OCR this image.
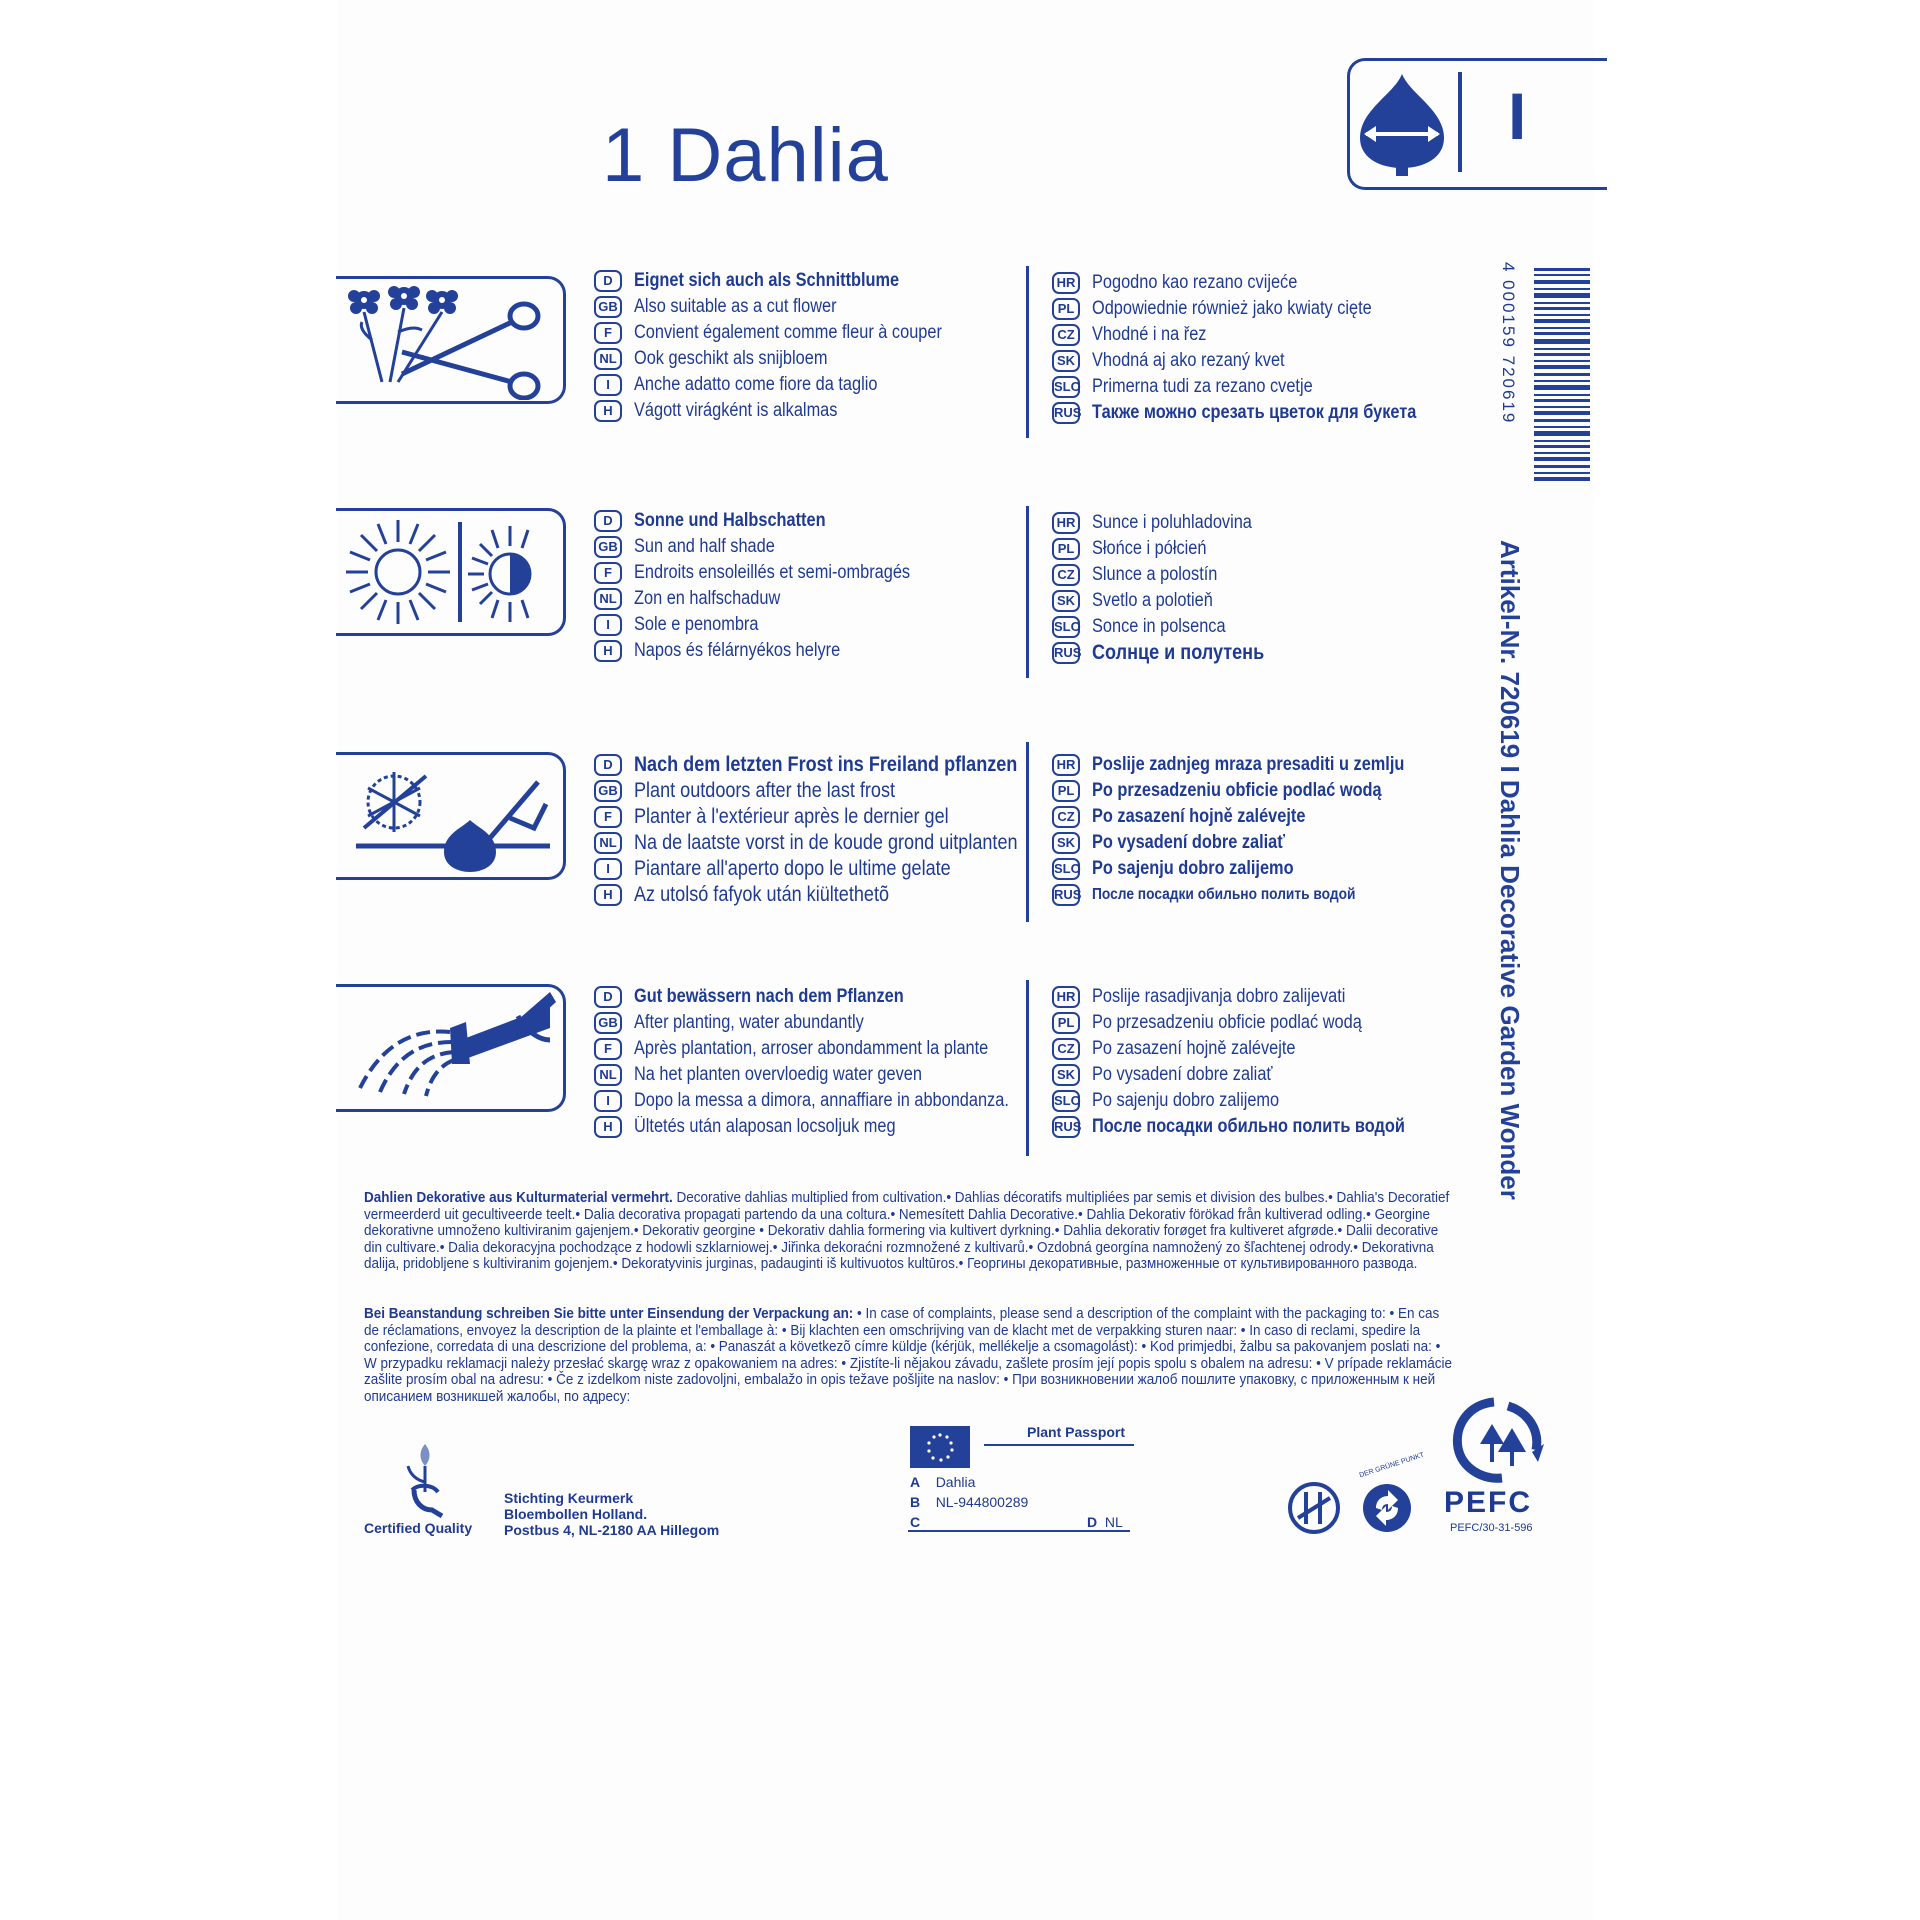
1 Dahlia	I
4 000159 720619
Artikel-Nr. 720619 I Dahlia Decorative Garden Wonder
D	Eignet sich auch als Schnittblume
GB Also suitable as a cut flower
F	Convient également comme fleur à couper
NL Ook geschikt als snijbloem
I	Anche adatto come fiore da taglio
H	Vágott virágként is alkalmas
HR Pogodno kao rezano cvijeće
PL Odpowiednie również jako kwiaty cięte
CZ Vhodné i na řez
SK Vhodná aj ako rezaný kvet
SLO Primerna tudi za rezano cvetje
RUS Также можно срезать цветок для букета
D	Sonne und Halbschatten
GB Sun and half shade
F	Endroits ensoleillés et semi-ombragés
NL Zon en halfschaduw
I	Sole e penombra
H	Napos és félárnyékos helyre
HR Sunce i poluhladovina
PL Słońce i półcień
CZ Slunce a polostín
SK Svetlo a polotieň
SLO Sonce in polsenca
RUS Солнце и полутень
D	Nach dem letzten Frost ins Freiland pflanzen
GB Plant outdoors after the last frost
F	Planter à l'extérieur après le dernier gel
NL Na de laatste vorst in de koude grond uitplanten
I	Piantare all'aperto dopo le ultime gelate
H	Az utolsó fafyok után kiültethetõ
HR Poslije zadnjeg mraza presaditi u zemlju
PL Po przesadzeniu obficie podlać wodą
CZ Po zasazení hojně zalévejte
SK Po vysadení dobre zaliať
SLO Po sajenju dobro zalijemo
RUS После посадки обильно полить водой
D	Gut bewässern nach dem Pflanzen
GB After planting, water abundantly
F	Après plantation, arroser abondamment la plante
NL Na het planten overvloedig water geven
I	Dopo la messa a dimora, annaffiare in abbondanza.
H	Ültetés után alaposan locsoljuk meg
HR Poslije rasadjivanja dobro zalijevati
PL Po przesadzeniu obficie podlać wodą
CZ Po zasazení hojně zalévejte
SK Po vysadení dobre zaliať
SLO Po sajenju dobro zalijemo
RUS После посадки обильно полить водой
Dahlien Dekorative aus Kulturmaterial vermehrt. Decorative dahlias multiplied from cultivation.• Dahlias décoratifs multipliées par semis et division des bulbes.• Dahlia's Decoratief vermeerderd uit gecultiveerde teelt.• Dalia decorativa propagati partendo da una coltura.• Nemesített Dahlia Decorative.• Dahlia Dekorativ förökad från kultiverad odling.• Georgine dekorativne umnoženo kultiviranim gajenjem.• Dekorativ georgine • Dekorativ dahlia formering via kultivert dyrkning.• Dahlia dekorativ forøget fra kultiveret afgrøde.• Dalii decorative din cultivare.• Dalia dekoracyjna pochodzące z hodowli szklarniowej.• Jiřinka dekoraćni rozmnožené z kultivarů.• Ozdobná georgína namnožený zo šľachtenej odrody.• Dekorativna dalija, pridobljene s kultiviranim gojenjem.• Dekoratyvinis jurginas, padauginti iš kultivuotos kultūros.• Георгины декоративные, размноженные от культивированного развода.
Bei Beanstandung schreiben Sie bitte unter Einsendung der Verpackung an: • In case of complaints, please send a description of the complaint with the packaging to: • En cas de réclamations, envoyez la description de la plainte et l'emballage à: • Bij klachten een omschrijving van de klacht met de verpakking sturen naar: • In caso di reclami, spedire la confezione, corredata di una descrizione del problema, a: • Panaszát a következõ címre küldje (kérjük, mellékelje a csomagolást): • Kod primjedbi, žalbu sa pakovanjem poslati na: • W przypadku reklamacji należy przesłać skargę wraz z opakowaniem na adres: • Zjistíte-li nějakou závadu, zašlete prosím její popis spolu s obalem na adresu: • V prípade reklamácie zašlite prosím obal na adresu: • Če z izdelkom niste zadovoljni, embalažo in opis težave pošljite na naslov: • При возникновении жалоб пошлите упаковку, с приложенным к ней описанием возникшей жалобы, по адресу:
Certified Quality
Stichting Keurmerk
Bloembollen Holland.
Postbus 4, NL-2180 AA Hillegom
Plant Passport
A Dahlia
B NL-944800289
C	D NL
DER GRÜNE PUNKT
PEFC
PEFC/30-31-596
